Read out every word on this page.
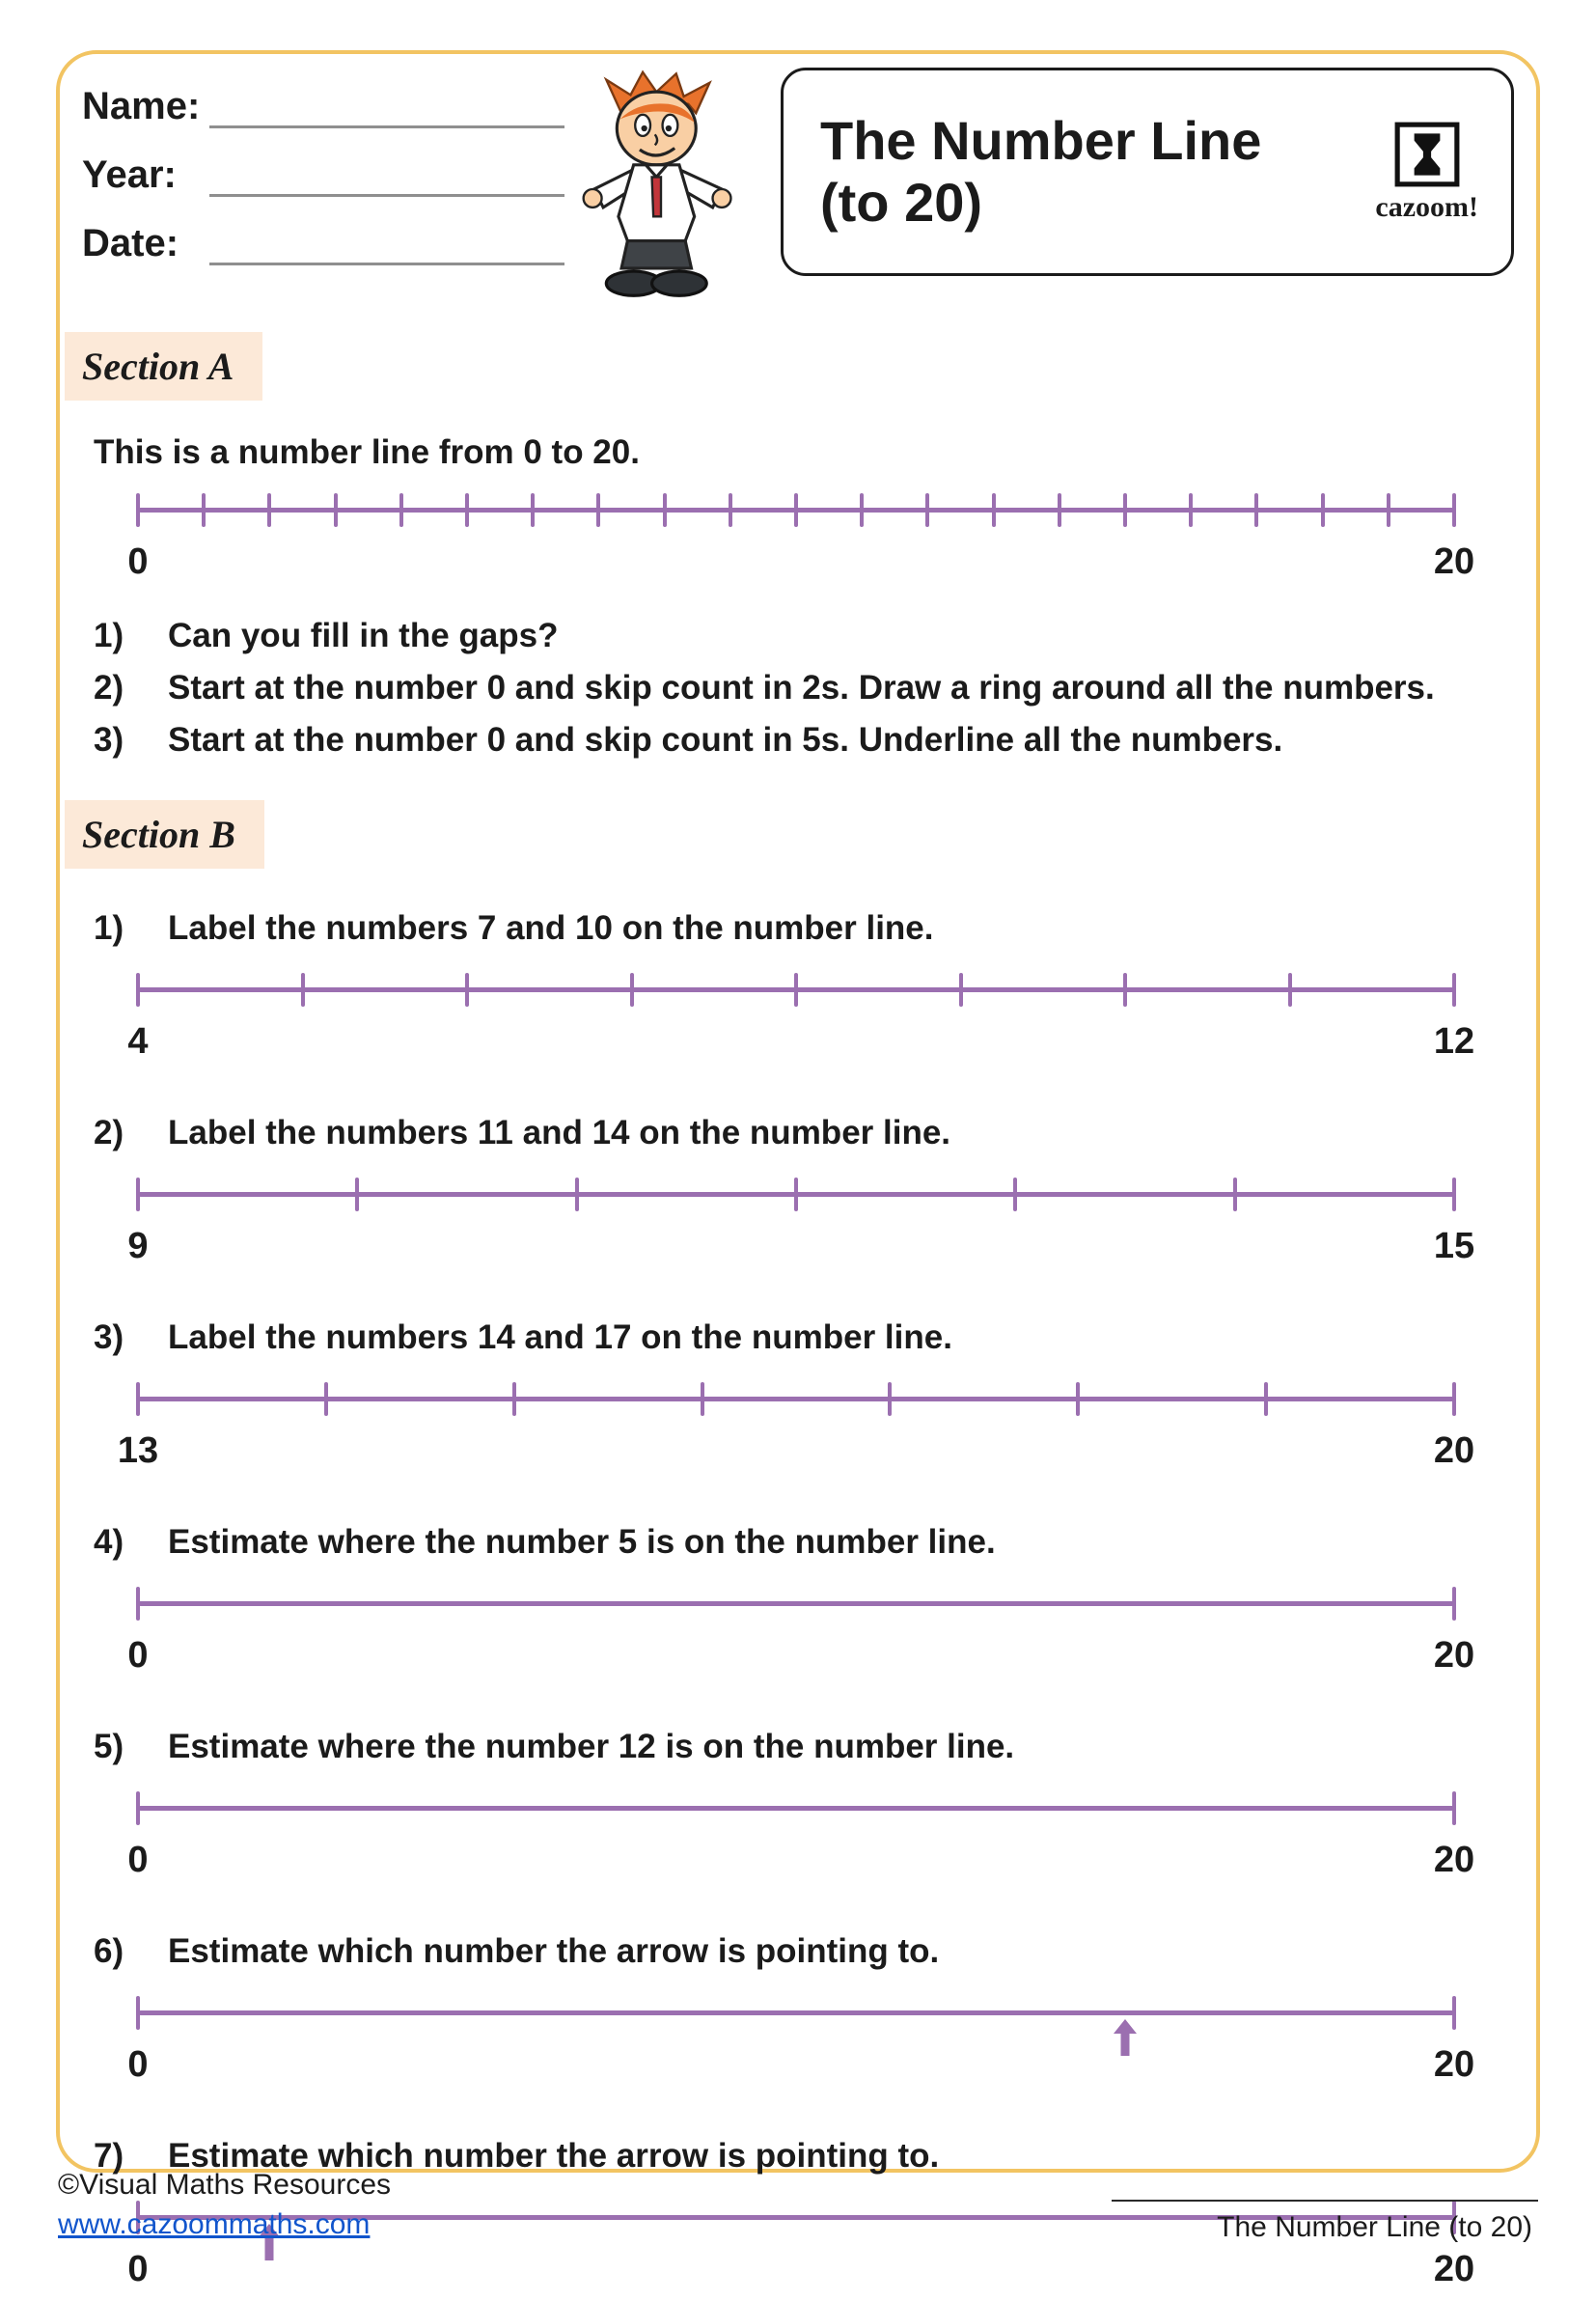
Name:
Year:
Date:
The Number Line
(to 20)	cazoom!
Section A
This is a number line from 0 to 20.
0	20
1)	Can you fill in the gaps?
2)	Start at the number 0 and skip count in 2s. Draw a ring around all the numbers.
3)	Start at the number 0 and skip count in 5s. Underline all the numbers.
Section B
1)	Label the numbers 7 and 10 on the number line.
4	12
2)	Label the numbers 11 and 14 on the number line.
9	15
3)	Label the numbers 14 and 17 on the number line.
13	20
4)	Estimate where the number 5 is on the number line.
0	20
5)	Estimate where the number 12 is on the number line.
0	20
6)	Estimate which number the arrow is pointing to.
0	20
7)	Estimate which number the arrow is pointing to.
0	20
©Visual Maths Resources
www.cazoommaths.com	The Number Line (to 20)
